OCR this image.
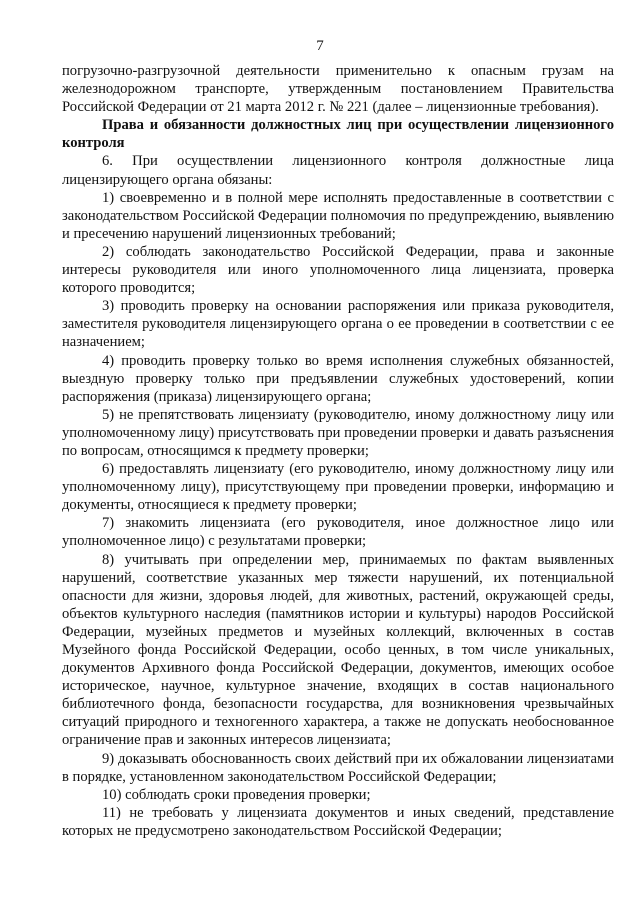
7

погрузочно-разгрузочной деятельности применительно к опасным грузам на железнодорожном транспорте, утвержденным постановлением Правительства Российской Федерации от 21 марта 2012 г. № 221 (далее – лицензионные требования).

Права и обязанности должностных лиц при осуществлении лицензионного контроля

6. При осуществлении лицензионного контроля должностные лица лицензирующего органа обязаны:

1) своевременно и в полной мере исполнять предоставленные в соответствии с законодательством Российской Федерации полномочия по предупреждению, выявлению и пресечению нарушений лицензионных требований;

2) соблюдать законодательство Российской Федерации, права и законные интересы руководителя или иного уполномоченного лица лицензиата, проверка которого проводится;

3) проводить проверку на основании распоряжения или приказа руководителя, заместителя руководителя лицензирующего органа о ее проведении в соответствии с ее назначением;

4) проводить проверку только во время исполнения служебных обязанностей, выездную проверку только при предъявлении служебных удостоверений, копии распоряжения (приказа) лицензирующего органа;

5) не препятствовать лицензиату (руководителю, иному должностному лицу или уполномоченному лицу) присутствовать при проведении проверки и давать разъяснения по вопросам, относящимся к предмету проверки;

6) предоставлять лицензиату (его руководителю, иному должностному лицу или уполномоченному лицу), присутствующему при проведении проверки, информацию и документы, относящиеся к предмету проверки;

7) знакомить лицензиата (его руководителя, иное должностное лицо или уполномоченное лицо) с результатами проверки;

8) учитывать при определении мер, принимаемых по фактам выявленных нарушений, соответствие указанных мер тяжести нарушений, их потенциальной опасности для жизни, здоровья людей, для животных, растений, окружающей среды, объектов культурного наследия (памятников истории и культуры) народов Российской Федерации, музейных предметов и музейных коллекций, включенных в состав Музейного фонда Российской Федерации, особо ценных, в том числе уникальных, документов Архивного фонда Российской Федерации, документов, имеющих особое историческое, научное, культурное значение, входящих в состав национального библиотечного фонда, безопасности государства, для возникновения чрезвычайных ситуаций природного и техногенного характера, а также не допускать необоснованное ограничение прав и законных интересов лицензиата;

9) доказывать обоснованность своих действий при их обжаловании лицензиатами в порядке, установленном законодательством Российской Федерации;

10) соблюдать сроки проведения проверки;

11) не требовать у лицензиата документов и иных сведений, представление которых не предусмотрено законодательством Российской Федерации;
